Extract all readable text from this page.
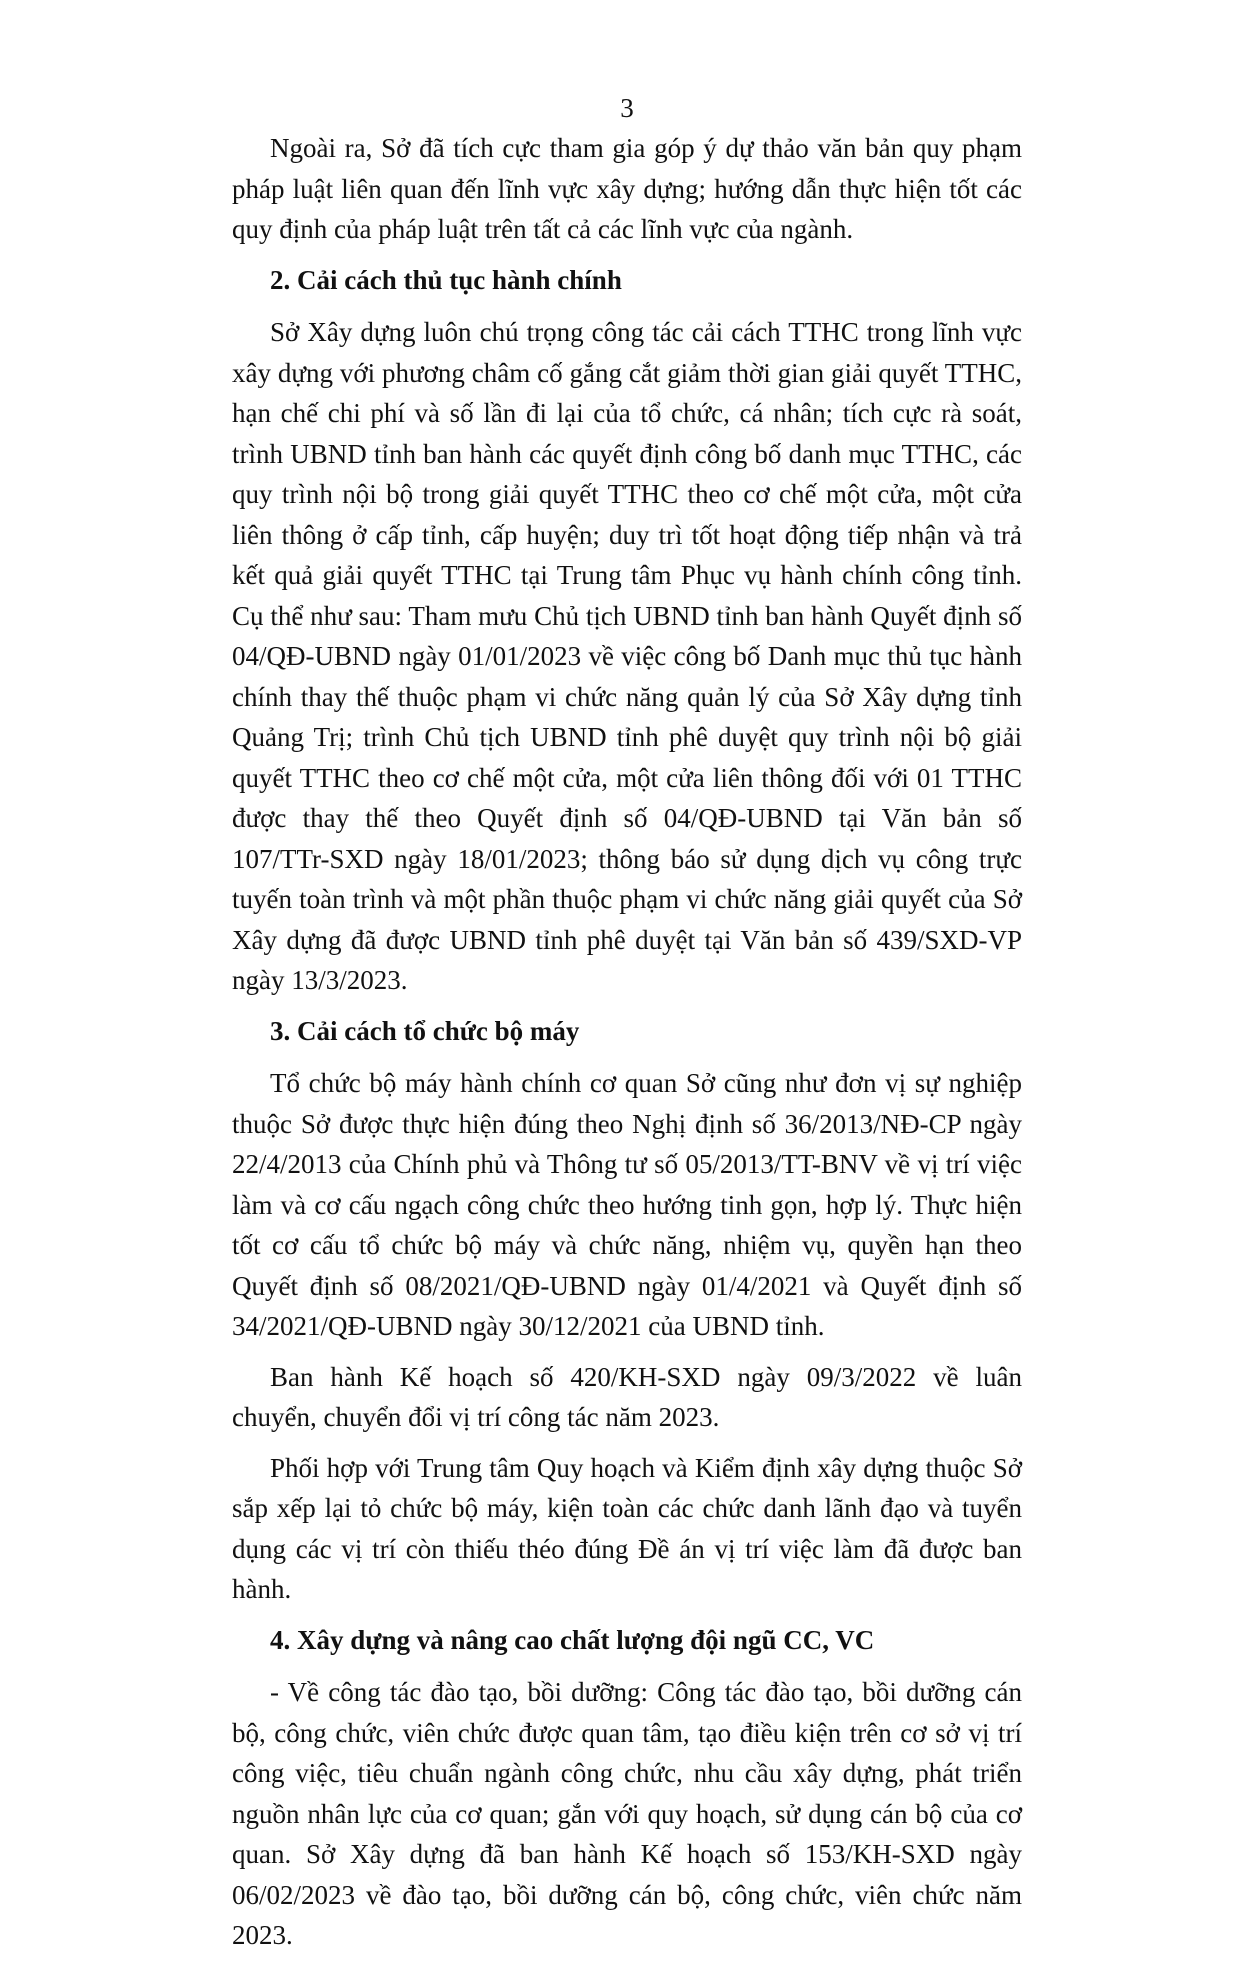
3

Ngoài ra, Sở đã tích cực tham gia góp ý dự thảo văn bản quy phạm pháp luật liên quan đến lĩnh vực xây dựng; hướng dẫn thực hiện tốt các quy định của pháp luật trên tất cả các lĩnh vực của ngành.

2. Cải cách thủ tục hành chính

Sở Xây dựng luôn chú trọng công tác cải cách TTHC trong lĩnh vực xây dựng với phương châm cố gắng cắt giảm thời gian giải quyết TTHC, hạn chế chi phí và số lần đi lại của tổ chức, cá nhân; tích cực rà soát, trình UBND tỉnh ban hành các quyết định công bố danh mục TTHC, các quy trình nội bộ trong giải quyết TTHC theo cơ chế một cửa, một cửa liên thông ở cấp tỉnh, cấp huyện; duy trì tốt hoạt động tiếp nhận và trả kết quả giải quyết TTHC tại Trung tâm Phục vụ hành chính công tỉnh. Cụ thể như sau: Tham mưu Chủ tịch UBND tỉnh ban hành Quyết định số 04/QĐ-UBND ngày 01/01/2023 về việc công bố Danh mục thủ tục hành chính thay thế thuộc phạm vi chức năng quản lý của Sở Xây dựng tỉnh Quảng Trị; trình Chủ tịch UBND tỉnh phê duyệt quy trình nội bộ giải quyết TTHC theo cơ chế một cửa, một cửa liên thông đối với 01 TTHC được thay thế theo Quyết định số 04/QĐ-UBND tại Văn bản số 107/TTr-SXD ngày 18/01/2023; thông báo sử dụng dịch vụ công trực tuyến toàn trình và một phần thuộc phạm vi chức năng giải quyết của Sở Xây dựng đã được UBND tỉnh phê duyệt tại Văn bản số 439/SXD-VP ngày 13/3/2023.

3. Cải cách tổ chức bộ máy

Tổ chức bộ máy hành chính cơ quan Sở cũng như đơn vị sự nghiệp thuộc Sở được thực hiện đúng theo Nghị định số 36/2013/NĐ-CP ngày 22/4/2013 của Chính phủ và Thông tư số 05/2013/TT-BNV về vị trí việc làm và cơ cấu ngạch công chức theo hướng tinh gọn, hợp lý. Thực hiện tốt cơ cấu tổ chức bộ máy và chức năng, nhiệm vụ, quyền hạn theo Quyết định số 08/2021/QĐ-UBND ngày 01/4/2021 và Quyết định số 34/2021/QĐ-UBND ngày 30/12/2021 của UBND tỉnh.

Ban hành Kế hoạch số 420/KH-SXD ngày 09/3/2022 về luân chuyển, chuyển đổi vị trí công tác năm 2023.

Phối hợp với Trung tâm Quy hoạch và Kiểm định xây dựng thuộc Sở sắp xếp lại tỏ chức bộ máy, kiện toàn các chức danh lãnh đạo và tuyển dụng các vị trí còn thiếu théo đúng Đề án vị trí việc làm đã được ban hành.

4. Xây dựng và nâng cao chất lượng đội ngũ CC, VC

- Về công tác đào tạo, bồi dưỡng: Công tác đào tạo, bồi dưỡng cán bộ, công chức, viên chức được quan tâm, tạo điều kiện trên cơ sở vị trí công việc, tiêu chuẩn ngành công chức, nhu cầu xây dựng, phát triển nguồn nhân lực của cơ quan; gắn với quy hoạch, sử dụng cán bộ của cơ quan. Sở Xây dựng đã ban hành Kế hoạch số 153/KH-SXD ngày 06/02/2023 về đào tạo, bồi dưỡng cán bộ, công chức, viên chức năm 2023.
